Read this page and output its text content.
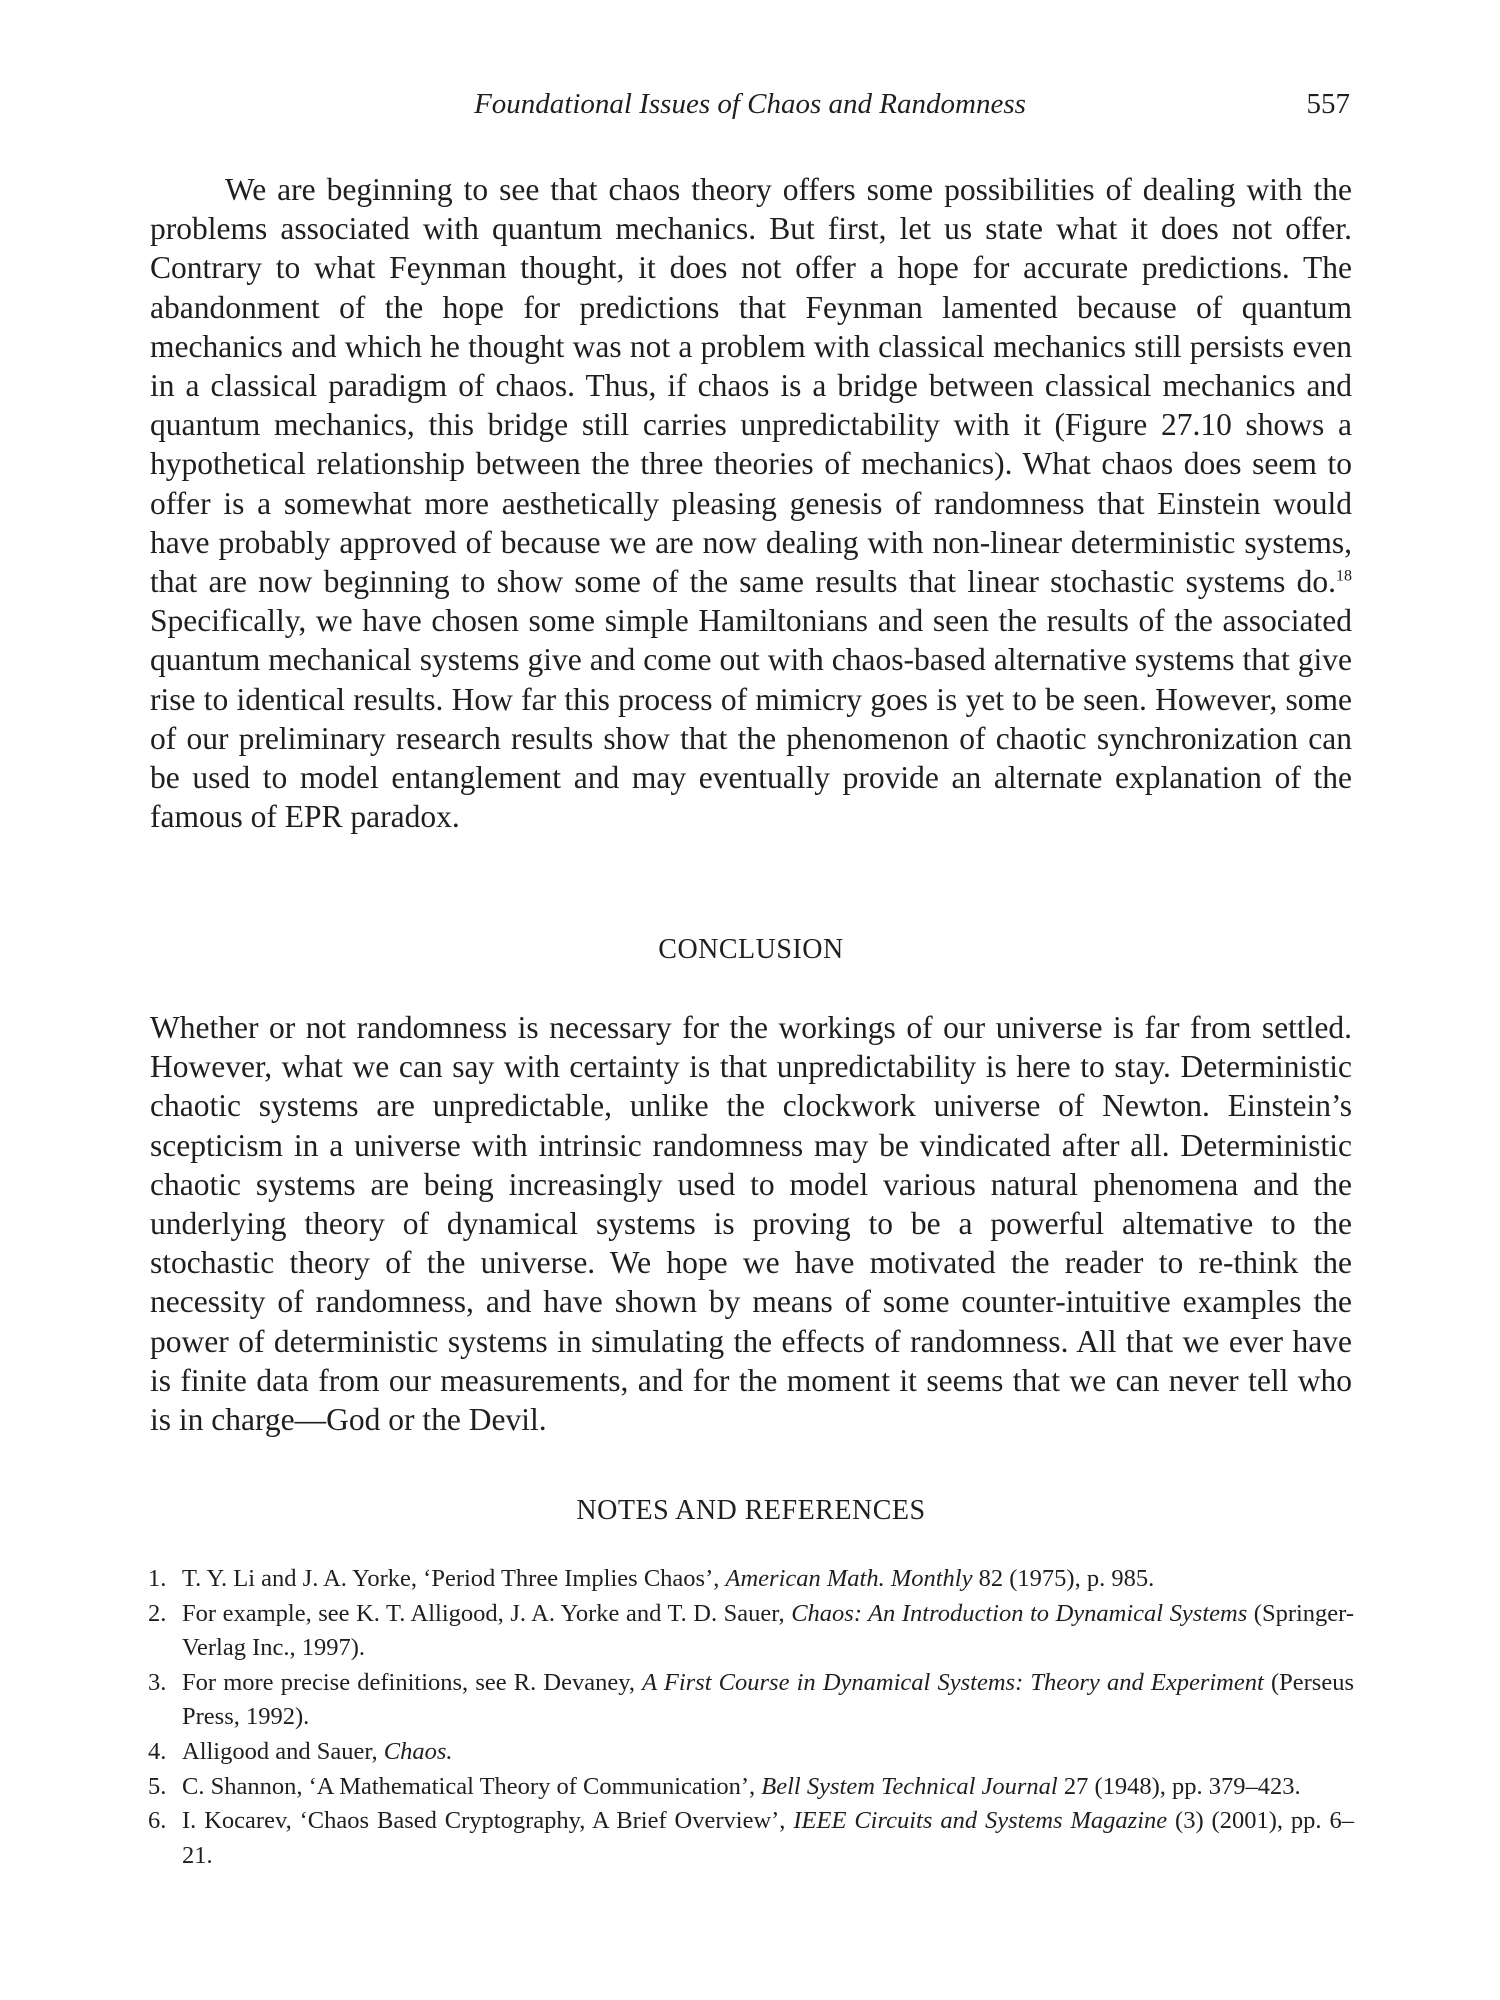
Foundational Issues of Chaos and Randomness	557

We are beginning to see that chaos theory offers some possibilities of dealing with the problems associated with quantum mechanics. But first, let us state what it does not offer. Contrary to what Feynman thought, it does not offer a hope for accurate predictions. The abandonment of the hope for predictions that Feynman lamented because of quantum mechanics and which he thought was not a problem with classical mechanics still persists even in a classical paradigm of chaos. Thus, if chaos is a bridge between classical mechanics and quantum mechanics, this bridge still carries unpredictability with it (Figure 27.10 shows a hypothetical relationship between the three theories of mechanics). What chaos does seem to offer is a somewhat more aesthetically pleasing genesis of randomness that Einstein would have probably approved of because we are now dealing with non-linear deterministic systems, that are now beginning to show some of the same results that linear stochastic systems do.$^{18}$ Specifically, we have chosen some simple Hamiltonians and seen the results of the associated quantum mechanical systems give and come out with chaos-based alternative systems that give rise to identical results. How far this process of mimicry goes is yet to be seen. However, some of our preliminary research results show that the phenomenon of chaotic synchronization can be used to model entanglement and may eventually provide an alternate explanation of the famous of EPR paradox.

CONCLUSION

Whether or not randomness is necessary for the workings of our universe is far from settled. However, what we can say with certainty is that unpredictability is here to stay. Deterministic chaotic systems are unpredictable, unlike the clockwork universe of Newton. Einstein’s scepticism in a universe with intrinsic randomness may be vindicated after all. Deterministic chaotic systems are being increasingly used to model various natural phenomena and the underlying theory of dynamical systems is proving to be a powerful altemative to the stochastic theory of the universe. We hope we have motivated the reader to re-think the necessity of randomness, and have shown by means of some counter-intuitive examples the power of deterministic systems in simulating the effects of randomness. All that we ever have is finite data from our measurements, and for the moment it seems that we can never tell who is in charge—God or the Devil.

NOTES AND REFERENCES
1. T. Y. Li and J. A. Yorke, ‘Period Three Implies Chaos’, American Math. Monthly 82 (1975), p. 985.
2. For example, see K. T. Alligood, J. A. Yorke and T. D. Sauer, Chaos: An Introduction to Dynamical Systems (Springer-Verlag Inc., 1997).
3. For more precise definitions, see R. Devaney, A First Course in Dynamical Systems: Theory and Experiment (Perseus Press, 1992).
4. Alligood and Sauer, Chaos.
5. C. Shannon, ‘A Mathematical Theory of Communication’, Bell System Technical Journal 27 (1948), pp. 379–423.
6. I. Kocarev, ‘Chaos Based Cryptography, A Brief Overview’, IEEE Circuits and Systems Magazine (3) (2001), pp. 6–21.
